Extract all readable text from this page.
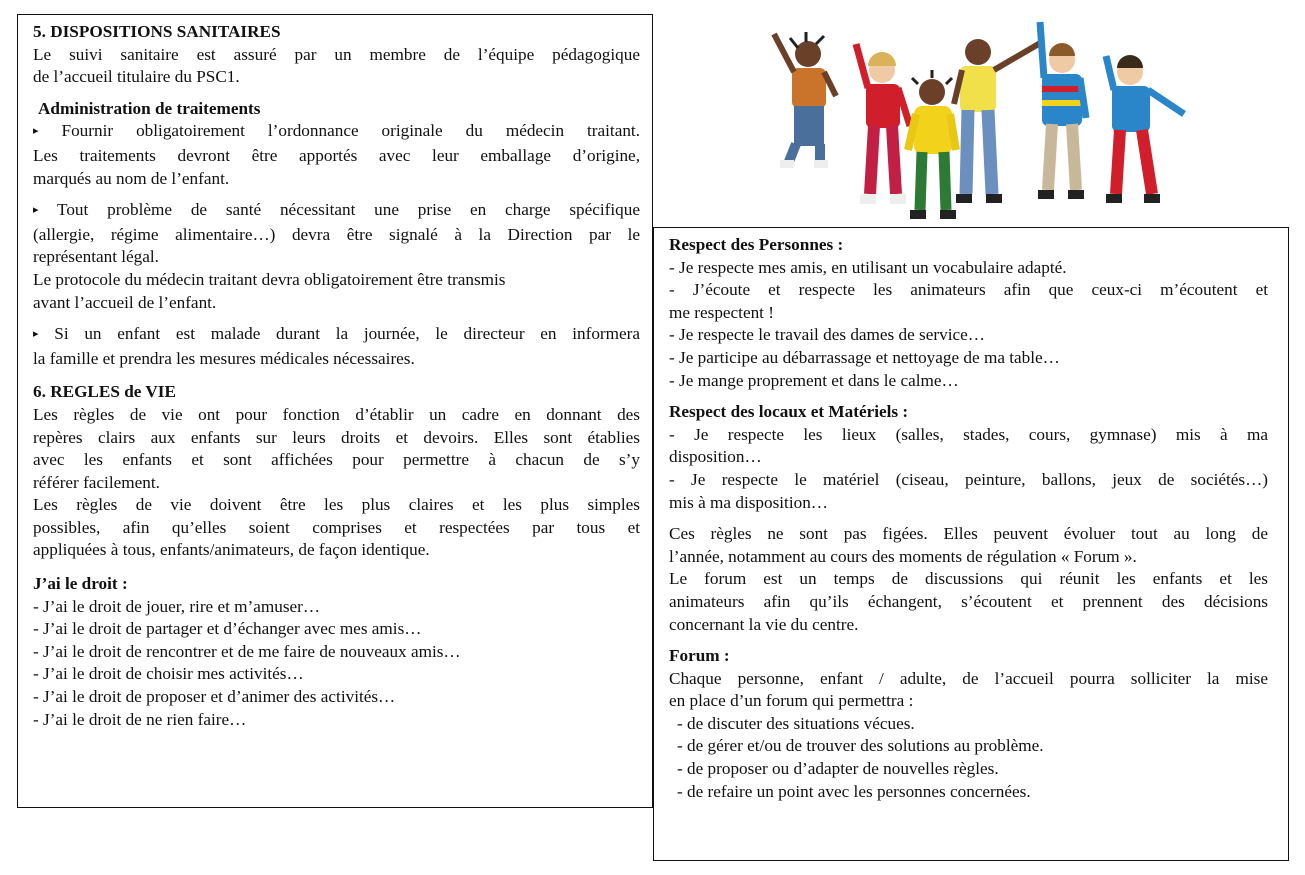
5. DISPOSITIONS SANITAIRES

Le suivi sanitaire est assuré par un membre de l’équipe pédagogique

de l’accueil titulaire du PSC1.

Administration de traitements

▸ Fournir obligatoirement l’ordonnance originale du médecin traitant.

Les traitements devront être apportés avec leur emballage d’origine,

marqués au nom de l’enfant.

▸ Tout problème de santé nécessitant une prise en charge spécifique

(allergie, régime alimentaire…) devra être signalé à la Direction par le

représentant légal.

Le protocole du médecin traitant devra obligatoirement être transmis

avant l’accueil de l’enfant.

▸ Si un enfant est malade durant la journée, le directeur en informera

la famille et prendra les mesures médicales nécessaires.

6. REGLES de VIE

Les règles de vie ont pour fonction d’établir un cadre en donnant des

repères clairs aux enfants sur leurs droits et devoirs. Elles sont établies

avec les enfants et sont affichées pour permettre à chacun de s’y

référer facilement.

Les règles de vie doivent être les plus claires et les plus simples

possibles, afin qu’elles soient comprises et respectées par tous et

appliquées à tous, enfants/animateurs, de façon identique.

J’ai le droit :

- J’ai le droit de jouer, rire et m’amuser…

- J’ai le droit de partager et d’échanger avec mes amis…

- J’ai le droit de rencontrer et de me faire de nouveaux amis…

- J’ai le droit de choisir mes activités…

- J’ai le droit de proposer et d’animer des activités…

- J’ai le droit de ne rien faire…

Respect des Personnes :

- Je respecte mes amis, en utilisant un vocabulaire adapté.

- J’écoute et respecte les animateurs afin que ceux-ci m’écoutent et

me respectent !

- Je respecte le travail des dames de service…

- Je participe au débarrassage et nettoyage de ma table…

- Je mange proprement et dans le calme…

Respect des locaux et Matériels :

- Je respecte les lieux (salles, stades, cours, gymnase) mis à ma

disposition…

- Je respecte le matériel (ciseau, peinture, ballons, jeux de sociétés…)

mis à ma disposition…

Ces règles ne sont pas figées. Elles peuvent évoluer tout au long de

l’année, notamment au cours des moments de régulation « Forum ».

Le forum est un temps de discussions qui réunit les enfants et les

animateurs afin qu’ils échangent, s’écoutent et prennent des décisions

concernant la vie du centre.

Forum :

Chaque personne, enfant / adulte, de l’accueil pourra solliciter la mise

en place d’un forum qui permettra :

- de discuter des situations vécues.

- de gérer et/ou de trouver des solutions au problème.

- de proposer ou d’adapter de nouvelles règles.

- de refaire un point avec les personnes concernées.
